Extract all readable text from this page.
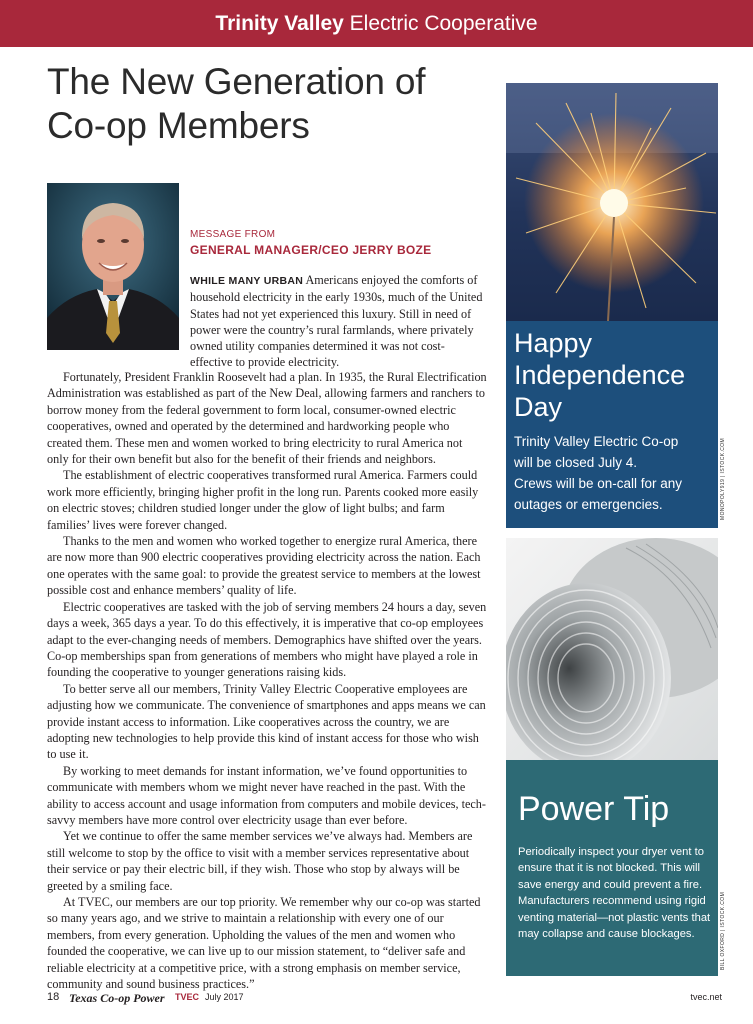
Trinity Valley Electric Cooperative
The New Generation of
Co-op Members
MESSAGE FROM
GENERAL MANAGER/CEO JERRY BOZE

WHILE MANY URBAN Americans enjoyed the comforts of household electricity in the early 1930s, much of the United States had not yet experienced this luxury. Still in need of power were the country’s rural farmlands, where privately owned utility companies determined it was not cost-effective to provide electricity.

Fortunately, President Franklin Roosevelt had a plan. In 1935, the Rural Electrification Administration was established as part of the New Deal, allowing farmers and ranchers to borrow money from the federal government to form local, consumer-owned electric cooperatives, owned and operated by the determined and hardworking people who created them. These men and women worked to bring electricity to rural America not only for their own benefit but also for the benefit of their friends and neighbors.

The establishment of electric cooperatives transformed rural America. Farmers could work more efficiently, bringing higher profit in the long run. Parents cooked more easily on electric stoves; children studied longer under the glow of light bulbs; and farm families’ lives were forever changed.

Thanks to the men and women who worked together to energize rural America, there are now more than 900 electric cooperatives providing electricity across the nation. Each one operates with the same goal: to provide the greatest service to members at the lowest possible cost and enhance members’ quality of life.

Electric cooperatives are tasked with the job of serving members 24 hours a day, seven days a week, 365 days a year. To do this effectively, it is imperative that co-op employees adapt to the ever-changing needs of members. Demographics have shifted over the years. Co-op memberships span from generations of members who might have played a role in founding the cooperative to younger generations raising kids.

To better serve all our members, Trinity Valley Electric Cooperative employees are adjusting how we communicate. The convenience of smartphones and apps means we can provide instant access to information. Like cooperatives across the country, we are adopting new technologies to help provide this kind of instant access for those who wish to use it.

By working to meet demands for instant information, we’ve found opportunities to communicate with members whom we might never have reached in the past. With the ability to access account and usage information from computers and mobile devices, tech-savvy members have more control over electricity usage than ever before.

Yet we continue to offer the same member services we’ve always had. Members are still welcome to stop by the office to visit with a member services representative about their service or pay their electric bill, if they wish. Those who stop by always will be greeted by a smiling face.

At TVEC, our members are our top priority. We remember why our co-op was started so many years ago, and we strive to maintain a relationship with every one of our members, from every generation. Upholding the values of the men and women who founded the cooperative, we can live up to our mission statement, to “deliver safe and reliable electricity at a competitive price, with a strong emphasis on member service, community and sound business practices.”

Happy
Independence
Day
Trinity Valley Electric Co-op
will be closed July 4.
Crews will be on-call for any
outages or emergencies.	MONOPOLY919 | ISTOCK.COM
Power Tip
Periodically inspect your dryer vent to ensure that it is not blocked. This will save energy and could prevent a fire. Manufacturers recommend using rigid venting material—not plastic vents that may collapse and cause blockages.	BILL OXFORD | ISTOCK.COM
18 Texas Co-op Power TVEC July 2017	tvec.net
